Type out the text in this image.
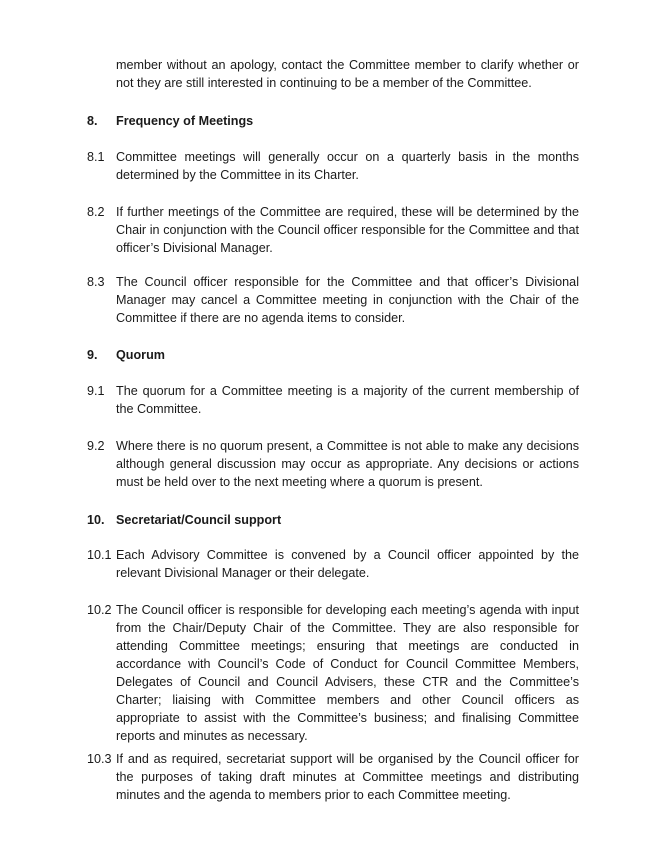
member without an apology, contact the Committee member to clarify whether or not they are still interested in continuing to be a member of the Committee.
8.	Frequency of Meetings
8.1 Committee meetings will generally occur on a quarterly basis in the months determined by the Committee in its Charter.
8.2 If further meetings of the Committee are required, these will be determined by the Chair in conjunction with the Council officer responsible for the Committee and that officer’s Divisional Manager.
8.3 The Council officer responsible for the Committee and that officer’s Divisional Manager may cancel a Committee meeting in conjunction with the Chair of the Committee if there are no agenda items to consider.
9.	Quorum
9.1 The quorum for a Committee meeting is a majority of the current membership of the Committee.
9.2 Where there is no quorum present, a Committee is not able to make any decisions although general discussion may occur as appropriate. Any decisions or actions must be held over to the next meeting where a quorum is present.
10. Secretariat/Council support
10.1 Each Advisory Committee is convened by a Council officer appointed by the relevant Divisional Manager or their delegate.
10.2 The Council officer is responsible for developing each meeting’s agenda with input from the Chair/Deputy Chair of the Committee. They are also responsible for attending Committee meetings; ensuring that meetings are conducted in accordance with Council’s Code of Conduct for Council Committee Members, Delegates of Council and Council Advisers, these CTR and the Committee’s Charter; liaising with Committee members and other Council officers as appropriate to assist with the Committee’s business; and finalising Committee reports and minutes as necessary.
10.3 If and as required, secretariat support will be organised by the Council officer for the purposes of taking draft minutes at Committee meetings and distributing minutes and the agenda to members prior to each Committee meeting.
